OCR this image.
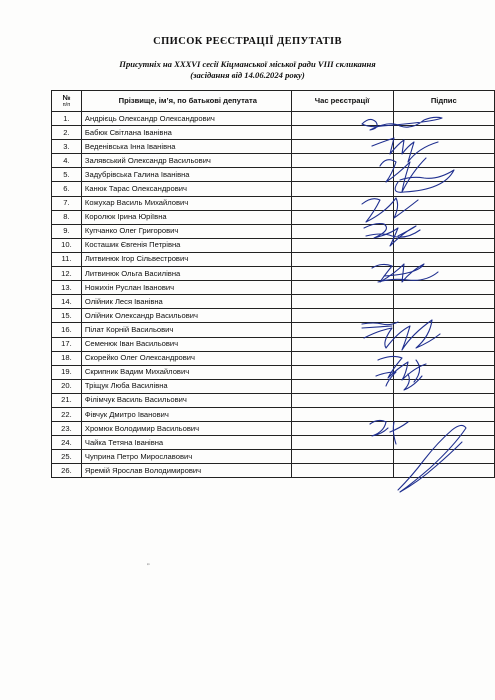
СПИСОК РЕЄСТРАЦІЇ ДЕПУТАТІВ
Присутніх на XXXVI сесії Кіцманської міської ради VIII скликання
(засідання від 14.06.2024 року)
№
п/п	Прізвище, ім’я, по батькові депутата	Час реєстрації	Підпис
1.	Андрієць Олександр Олександрович		
2.	Бабюк Світлана Іванівна		
3.	Веденівська Інна Іванівна		
4.	Залявський Олександр Васильович		
5.	Задубрівська Галина Іванівна		
6.	Канюк Тарас Олександрович		
7.	Кожухар Василь Михайлович		
8.	Королюк Ірина Юріївна		
9.	Купчанко Олег Григорович		
10.	Косташик Євгенія Петрівна		
11.	Литвинюк Ігор Сільвестрович		
12.	Литвинюк Ольга Василівна		
13.	Ножихін Руслан Іванович		
14.	Олійник Леся Іванівна		
15.	Олійник Олександр Васильович		
16.	Пілат Корній Васильович		
17.	Семенюк Іван Васильович		
18.	Скорейко Олег Олександрович		
19.	Скрипник Вадим Михайлович		
20.	Тріщук Люба Василівна		
21.	Філімчук Василь Васильович		
22.	Фівчук Дмитро Іванович		
23.	Хромюк Володимир Васильович		
24.	Чайка Тетяна Іванівна		
25.	Чуприна Петро Мирославович		
26.	Яремій Ярослав Володимирович		
„
